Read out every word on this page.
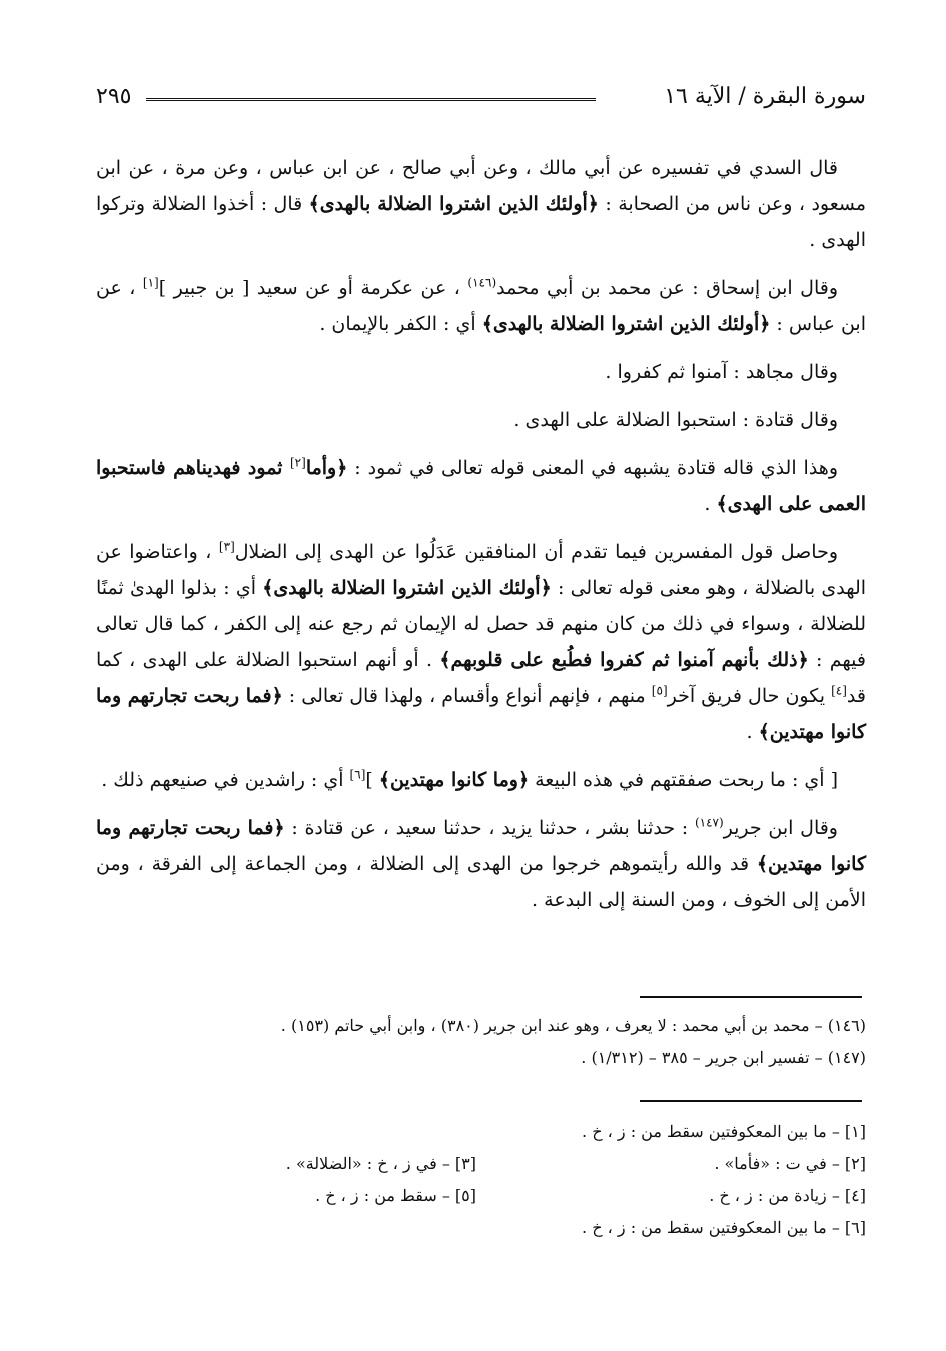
سورة البقرة / الآية ١٦
٢٩٥

قال السدي في تفسيره عن أبي مالك ، وعن أبي صالح ، عن ابن عباس ، وعن مرة ، عن ابن مسعود ، وعن ناس من الصحابة : ﴿أولئك الذين اشتروا الضلالة بالهدى﴾ قال : أخذوا الضلالة وتركوا الهدى .

وقال ابن إسحاق : عن محمد بن أبي محمد$^{(١٤٦)}$ ، عن عكرمة أو عن سعيد [ بن جبير ][١] ، عن ابن عباس : ﴿أولئك الذين اشتروا الضلالة بالهدى﴾ أي : الكفر بالإيمان .

وقال مجاهد : آمنوا ثم كفروا .

وقال قتادة : استحبوا الضلالة على الهدى .

وهذا الذي قاله قتادة يشبهه في المعنى قوله تعالى في ثمود : ﴿وأما[٢] ثمود فهديناهم فاستحبوا العمى على الهدى﴾ .

وحاصل قول المفسرين فيما تقدم أن المنافقين عَدَلُوا عن الهدى إلى الضلال[٣] ، واعتاضوا عن الهدى بالضلالة ، وهو معنى قوله تعالى : ﴿أولئك الذين اشتروا الضلالة بالهدى﴾ أي : بذلوا الهدىٰ ثمنًا للضلالة ، وسواء في ذلك من كان منهم قد حصل له الإيمان ثم رجع عنه إلى الكفر ، كما قال تعالى فيهم : ﴿ذلك بأنهم آمنوا ثم كفروا فطُبع على قلوبهم﴾ . أو أنهم استحبوا الضلالة على الهدى ، كما قد[٤] يكون حال فريق آخر[٥] منهم ، فإنهم أنواع وأقسام ، ولهذا قال تعالى : ﴿فما ربحت تجارتهم وما كانوا مهتدين﴾ .

[ أي : ما ربحت صفقتهم في هذه البيعة ﴿وما كانوا مهتدين﴾ ][٦] أي : راشدين في صنيعهم ذلك .

وقال ابن جرير$^{(١٤٧)}$ : حدثنا بشر ، حدثنا يزيد ، حدثنا سعيد ، عن قتادة : ﴿فما ربحت تجارتهم وما كانوا مهتدين﴾ قد والله رأيتموهم خرجوا من الهدى إلى الضلالة ، ومن الجماعة إلى الفرقة ، ومن الأمن إلى الخوف ، ومن السنة إلى البدعة .

(١٤٦) – محمد بن أبي محمد : لا يعرف ، وهو عند ابن جرير (٣٨٠) ، وابن أبي حاتم (١٥٣) .
(١٤٧) – تفسير ابن جرير – ٣٨٥ – (١/٣١٢) .
[١] – ما بين المعكوفتين سقط من : ز ، خ .
[٢] – في ت : «فأما» .
[٣] – في ز ، خ : «الضلالة» .
[٤] – زيادة من : ز ، خ .
[٥] – سقط من : ز ، خ .
[٦] – ما بين المعكوفتين سقط من : ز ، خ .
